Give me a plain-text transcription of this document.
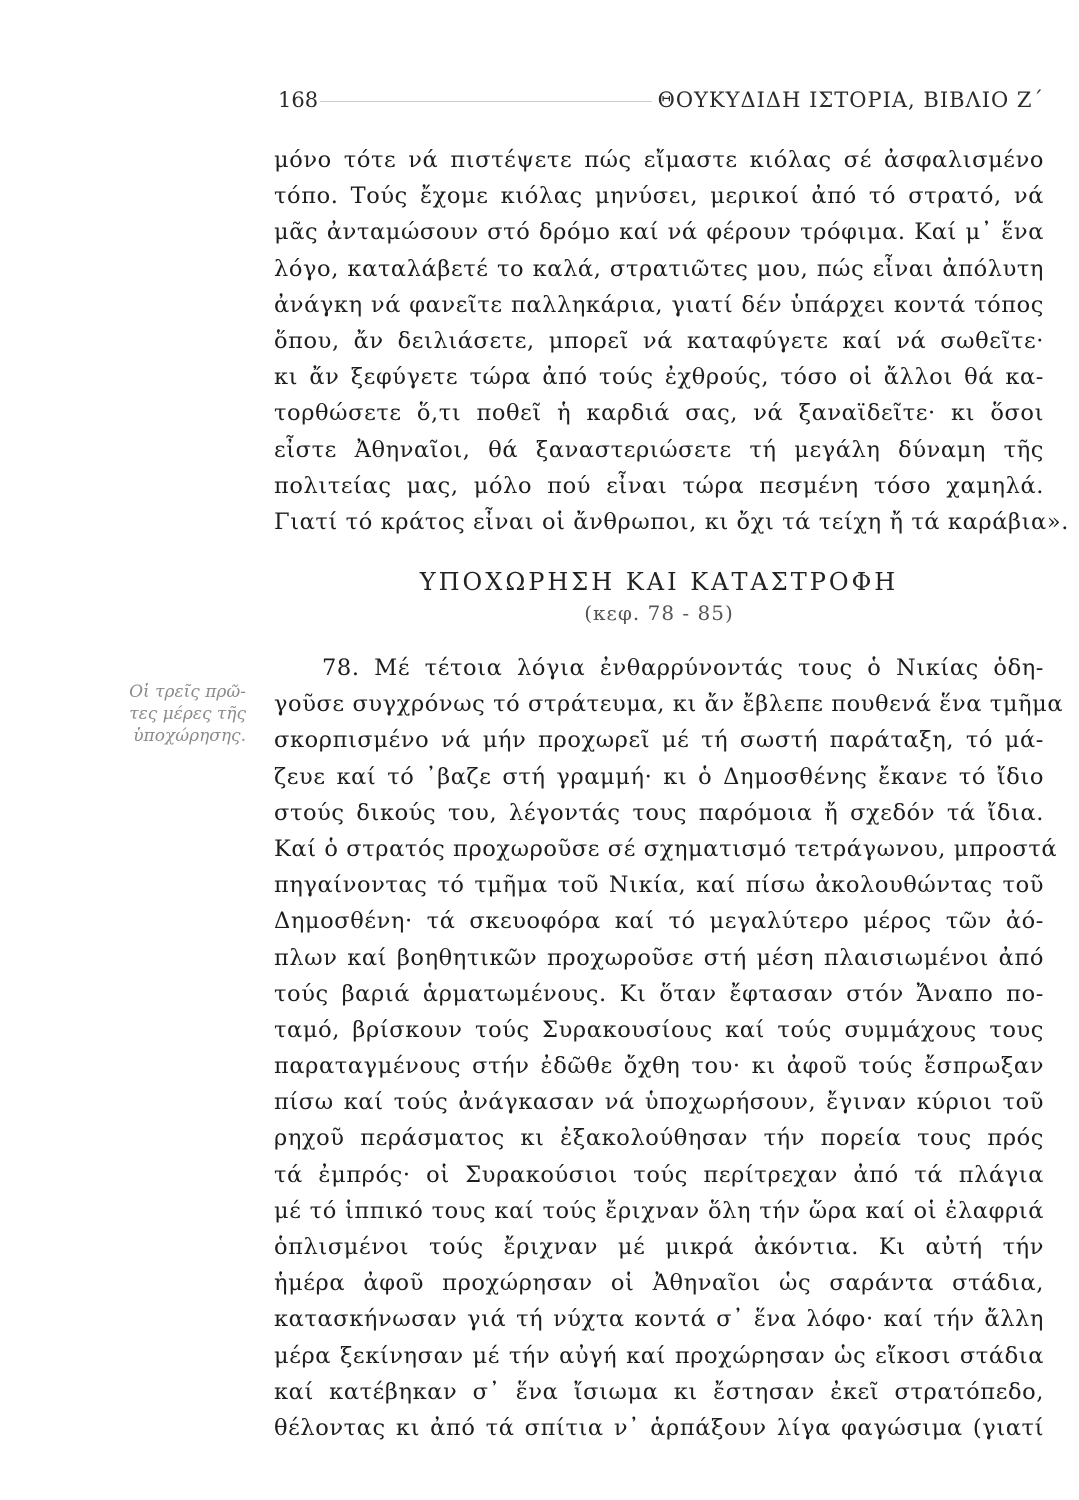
168	ΘΟΥΚΥΔΙΔΗ ΙΣΤΟΡΙΑ, ΒΙΒΛΙΟ Ζ΄
μόνο τότε νά πιστέψετε πώς εἴμαστε κιόλας σέ ἀσφαλισμένο
τόπο. Τούς ἔχομε κιόλας μηνύσει, μερικοί ἀπό τό στρατό, νά
μᾶς ἀνταμώσουν στό δρόμο καί νά φέρουν τρόφιμα. Καί μ᾽ ἕνα
λόγο, καταλάβετέ το καλά, στρατιῶτες μου, πώς εἶναι ἀπόλυτη
ἀνάγκη νά φανεῖτε παλληκάρια, γιατί δέν ὑπάρχει κοντά τόπος
ὅπου, ἄν δειλιάσετε, μπορεῖ νά καταφύγετε καί νά σωθεῖτε·
κι ἄν ξεφύγετε τώρα ἀπό τούς ἐχθρούς, τόσο οἱ ἄλλοι θά κα-
τορθώσετε ὅ,τι ποθεῖ ἡ καρδιά σας, νά ξαναϊδεῖτε· κι ὅσοι
εἶστε Ἀθηναῖοι, θά ξαναστεριώσετε τή μεγάλη δύναμη τῆς
πολιτείας μας, μόλο πού εἶναι τώρα πεσμένη τόσο χαμηλά.
Γιατί τό κράτος εἶναι οἱ ἄνθρωποι, κι ὄχι τά τείχη ἤ τά καράβια».
ΥΠΟΧΩΡΗΣΗ ΚΑΙ ΚΑΤΑΣΤΡΟΦΗ
(κεφ. 78 - 85)
Οἱ τρεῖς πρῶ-
τες μέρες τῆς
ὑποχώρησης.
78. Μέ τέτοια λόγια ἐνθαρρύνοντάς τους ὁ Νικίας ὁδη-
γοῦσε συγχρόνως τό στράτευμα, κι ἄν ἔβλεπε πουθενά ἕνα τμῆμα
σκορπισμένο νά μήν προχωρεῖ μέ τή σωστή παράταξη, τό μά-
ζευε καί τό ᾽βαζε στή γραμμή· κι ὁ Δημοσθένης ἔκανε τό ἴδιο
στούς δικούς του, λέγοντάς τους παρόμοια ἤ σχεδόν τά ἴδια.
Καί ὁ στρατός προχωροῦσε σέ σχηματισμό τετράγωνου, μπροστά
πηγαίνοντας τό τμῆμα τοῦ Νικία, καί πίσω ἀκολουθώντας τοῦ
Δημοσθένη· τά σκευοφόρα καί τό μεγαλύτερο μέρος τῶν ἀό-
πλων καί βοηθητικῶν προχωροῦσε στή μέση πλαισιωμένοι ἀπό
τούς βαριά ἁρματωμένους. Κι ὅταν ἔφτασαν στόν Ἄναπο πο-
ταμό, βρίσκουν τούς Συρακουσίους καί τούς συμμάχους τους
παραταγμένους στήν ἐδῶθε ὄχθη του· κι ἀφοῦ τούς ἔσπρωξαν
πίσω καί τούς ἀνάγκασαν νά ὑποχωρήσουν, ἔγιναν κύριοι τοῦ
ρηχοῦ περάσματος κι ἐξακολούθησαν τήν πορεία τους πρός
τά ἐμπρός· οἱ Συρακούσιοι τούς περίτρεχαν ἀπό τά πλάγια
μέ τό ἱππικό τους καί τούς ἔριχναν ὅλη τήν ὥρα καί οἱ ἐλαφριά
ὁπλισμένοι τούς ἔριχναν μέ μικρά ἀκόντια. Κι αὐτή τήν
ἡμέρα ἀφοῦ προχώρησαν οἱ Ἀθηναῖοι ὡς σαράντα στάδια,
κατασκήνωσαν γιά τή νύχτα κοντά σ᾽ ἕνα λόφο· καί τήν ἄλλη
μέρα ξεκίνησαν μέ τήν αὐγή καί προχώρησαν ὡς εἴκοσι στάδια
καί κατέβηκαν σ᾽ ἕνα ἴσιωμα κι ἔστησαν ἐκεῖ στρατόπεδο,
θέλοντας κι ἀπό τά σπίτια ν᾽ ἁρπάξουν λίγα φαγώσιμα (γιατί
